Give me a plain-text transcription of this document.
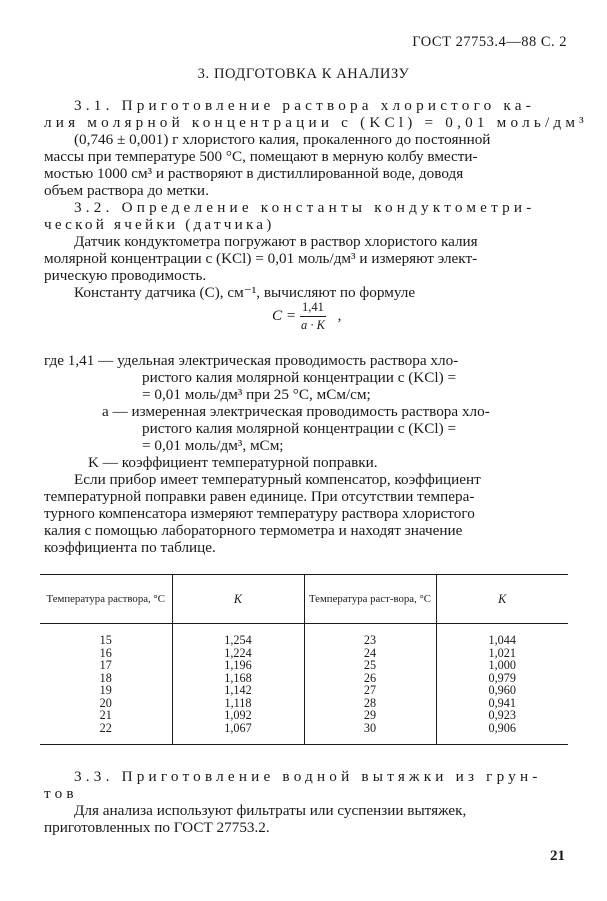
ГОСТ 27753.4—88 С. 2
3. ПОДГОТОВКА К АНАЛИЗУ
3.1. Приготовление раствора хлористого ка-
лия молярной концентрации c (KCl) = 0,01 моль/дм³
(0,746 ± 0,001) г хлористого калия, прокаленного до постоянной
массы при температуре 500 °С, помещают в мерную колбу вмести-
мостью 1000 см³ и растворяют в дистиллированной воде, доводя
объем раствора до метки.
3.2. Определение константы кондуктометри-
ческой ячейки (датчика)
Датчик кондуктометра погружают в раствор хлористого калия
молярной концентрации c (KCl) = 0,01 моль/дм³ и измеряют элект-
рическую проводимость.
Константу датчика (С), см⁻¹, вычисляют по формуле
$C = \frac{1,41}{a \cdot K}$ ,
где 1,41 — удельная электрическая проводимость раствора хло-
ристого калия молярной концентрации c (KCl) =
= 0,01 моль/дм³ при 25 °С, мСм/см;
a — измеренная электрическая проводимость раствора хло-
ристого калия молярной концентрации c (KCl) =
= 0,01 моль/дм³, мСм;
K — коэффициент температурной поправки.
Если прибор имеет температурный компенсатор, коэффициент
температурной поправки равен единице. При отсутствии темпера-
турного компенсатора измеряют температуру раствора хлористого
калия с помощью лабораторного термометра и находят значение
коэффициента по таблице.
Температура раствора, °С	K	Температура раст-вора, °С	K
15	1,254	23	1,044
16	1,224	24	1,021
17	1,196	25	1,000
18	1,168	26	0,979
19	1,142	27	0,960
20	1,118	28	0,941
21	1,092	29	0,923
22	1,067	30	0,906

3.3. Приготовление водной вытяжки из грун-
тов
Для анализа используют фильтраты или суспензии вытяжек,
приготовленных по ГОСТ 27753.2.
21
